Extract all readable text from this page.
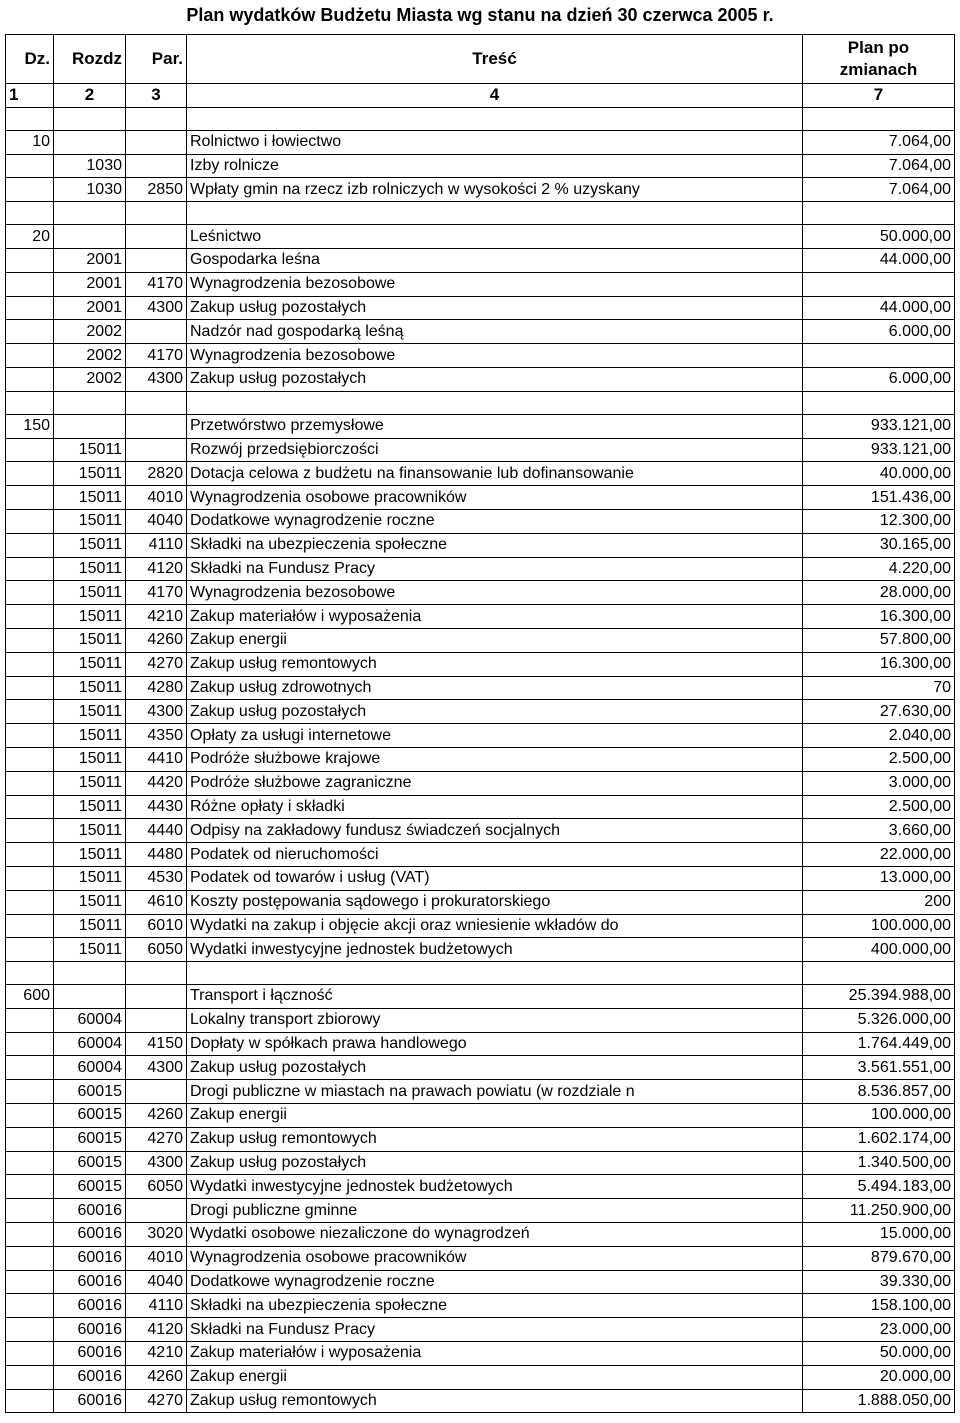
Plan wydatków Budżetu Miasta wg stanu na dzień 30 czerwca 2005 r.
Dz.	Rozdz	Par.	Treść	Plan po
zmianach
1	2	3	4	7

10			Rolnictwo i łowiectwo	7.064,00
	1030		Izby rolnicze	7.064,00
	1030	2850	Wpłaty gmin na rzecz izb rolniczych w wysokości 2 % uzyskany	7.064,00

20			Leśnictwo	50.000,00
	2001		Gospodarka leśna	44.000,00
	2001	4170	Wynagrodzenia bezosobowe	
	2001	4300	Zakup usług pozostałych	44.000,00
	2002		Nadzór nad gospodarką leśną	6.000,00
	2002	4170	Wynagrodzenia bezosobowe	
	2002	4300	Zakup usług pozostałych	6.000,00

150			Przetwórstwo przemysłowe	933.121,00
	15011		Rozwój przedsiębiorczości	933.121,00
	15011	2820	Dotacja celowa z budżetu na finansowanie lub dofinansowanie	40.000,00
	15011	4010	Wynagrodzenia osobowe pracowników	151.436,00
	15011	4040	Dodatkowe wynagrodzenie roczne	12.300,00
	15011	4110	Składki na ubezpieczenia społeczne	30.165,00
	15011	4120	Składki na Fundusz Pracy	4.220,00
	15011	4170	Wynagrodzenia bezosobowe	28.000,00
	15011	4210	Zakup materiałów i wyposażenia	16.300,00
	15011	4260	Zakup energii	57.800,00
	15011	4270	Zakup usług remontowych	16.300,00
	15011	4280	Zakup usług zdrowotnych	70
	15011	4300	Zakup usług pozostałych	27.630,00
	15011	4350	Opłaty za usługi internetowe	2.040,00
	15011	4410	Podróże służbowe krajowe	2.500,00
	15011	4420	Podróże służbowe zagraniczne	3.000,00
	15011	4430	Różne opłaty i składki	2.500,00
	15011	4440	Odpisy na zakładowy fundusz świadczeń socjalnych	3.660,00
	15011	4480	Podatek od nieruchomości	22.000,00
	15011	4530	Podatek od towarów i usług (VAT)	13.000,00
	15011	4610	Koszty postępowania sądowego i prokuratorskiego	200
	15011	6010	Wydatki na zakup i objęcie akcji oraz wniesienie wkładów do	100.000,00
	15011	6050	Wydatki inwestycyjne jednostek budżetowych	400.000,00

600			Transport i łączność	25.394.988,00
	60004		Lokalny transport zbiorowy	5.326.000,00
	60004	4150	Dopłaty w spółkach prawa handlowego	1.764.449,00
	60004	4300	Zakup usług pozostałych	3.561.551,00
	60015		Drogi publiczne w miastach na prawach powiatu (w rozdziale n	8.536.857,00
	60015	4260	Zakup energii	100.000,00
	60015	4270	Zakup usług remontowych	1.602.174,00
	60015	4300	Zakup usług pozostałych	1.340.500,00
	60015	6050	Wydatki inwestycyjne jednostek budżetowych	5.494.183,00
	60016		Drogi publiczne gminne	11.250.900,00
	60016	3020	Wydatki osobowe niezaliczone do wynagrodzeń	15.000,00
	60016	4010	Wynagrodzenia osobowe pracowników	879.670,00
	60016	4040	Dodatkowe wynagrodzenie roczne	39.330,00
	60016	4110	Składki na ubezpieczenia społeczne	158.100,00
	60016	4120	Składki na Fundusz Pracy	23.000,00
	60016	4210	Zakup materiałów i wyposażenia	50.000,00
	60016	4260	Zakup energii	20.000,00
	60016	4270	Zakup usług remontowych	1.888.050,00
